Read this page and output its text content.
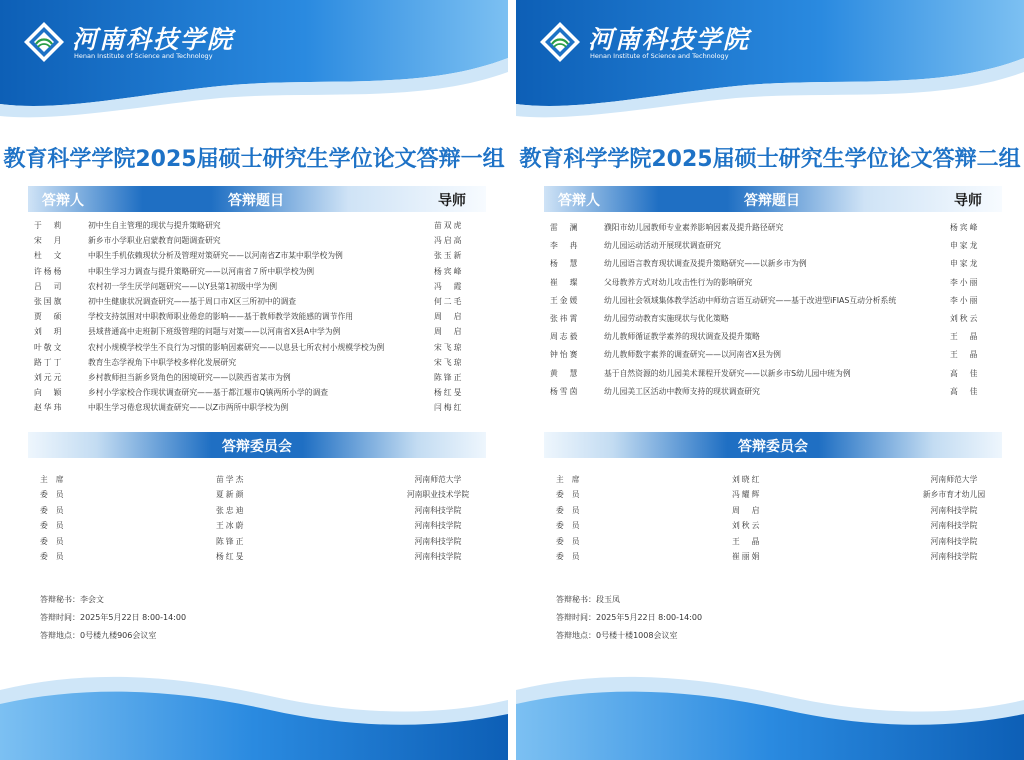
河南科技学院
Henan Institute of Science and Technology
教育科学学院2025届硕士研究生学位论文答辩一组
答辩人	答辩题目	导师
于　莉	初中生自主管理的现状与提升策略研究	苗双虎
宋　月	新乡市小学职业启蒙教育问题调查研究	冯启高
杜　文	中职生手机依赖现状分析及管理对策研究——以河南省Z市某中职学校为例	张玉新
许杨杨	中职生学习力调查与提升策略研究——以河南省７所中职学校为例	杨宾峰
吕　司	农村初一学生厌学问题研究——以Y县第1初级中学为例	冯　霞
张国旗	初中生健康状况调查研究——基于周口市X区三所初中的调查	何二毛
贾　硕	学校支持氛围对中职教师职业倦怠的影响——基于教师教学效能感的调节作用	周　启
刘　玥	县域普通高中走班制下班级管理的问题与对策——以河南省X县A中学为例	周　启
叶敬文	农村小规模学校学生不良行为习惯的影响因素研究——以息县七所农村小规模学校为例	宋飞琼
路丁丁	教育生态学视角下中职学校多样化发展研究	宋飞琼
刘元元	乡村教师担当新乡贤角色的困境研究——以陕西省某市为例	陈锋正
向　颖	乡村小学家校合作现状调查研究——基于都江堰市Q镇两所小学的调查	杨红旻
赵华玮	中职生学习倦怠现状调查研究——以Z市两所中职学校为例	闫梅红
答辩委员会
主席	苗学杰	河南师范大学
委员	夏新颜	河南职业技术学院
委员	张忠迪	河南科技学院
委员	王冰蔚	河南科技学院
委员	陈锋正	河南科技学院
委员	杨红旻	河南科技学院
答辩秘书：李会文
答辩时间：2025年5月22日 8:00-14:00
答辩地点：0号楼九楼906会议室
河南科技学院
Henan Institute of Science and Technology
教育科学学院2025届硕士研究生学位论文答辩二组
答辩人	答辩题目	导师
雷　澜	濮阳市幼儿园教师专业素养影响因素及提升路径研究	杨宾峰
李　冉	幼儿园运动活动开展现状调查研究	申家龙
杨　慧	幼儿园语言教育现状调查及提升策略研究——以新乡市为例	申家龙
崔　璨	父母教养方式对幼儿攻击性行为的影响研究	李小丽
王金媛	幼儿园社会领域集体教学活动中师幼言语互动研究——基于改进型iFIAS互动分析系统	李小丽
张祎霄	幼儿园劳动教育实施现状与优化策略	刘秋云
周志毅	幼儿教师循证教学素养的现状调查及提升策略	王　晶
钟怡赛	幼儿教师数字素养的调查研究——以河南省X县为例	王　晶
黄　慧	基于自然资源的幼儿园美术课程开发研究——以新乡市S幼儿园中班为例	高　佳
杨雪茵	幼儿园美工区活动中教师支持的现状调查研究	高　佳
答辩委员会
主席	刘晓红	河南师范大学
委员	冯耀辉	新乡市育才幼儿园
委员	周　启	河南科技学院
委员	刘秋云	河南科技学院
委员	王　晶	河南科技学院
委员	崔丽娟	河南科技学院
答辩秘书：段玉凤
答辩时间：2025年5月22日 8:00-14:00
答辩地点：0号楼十楼1008会议室
